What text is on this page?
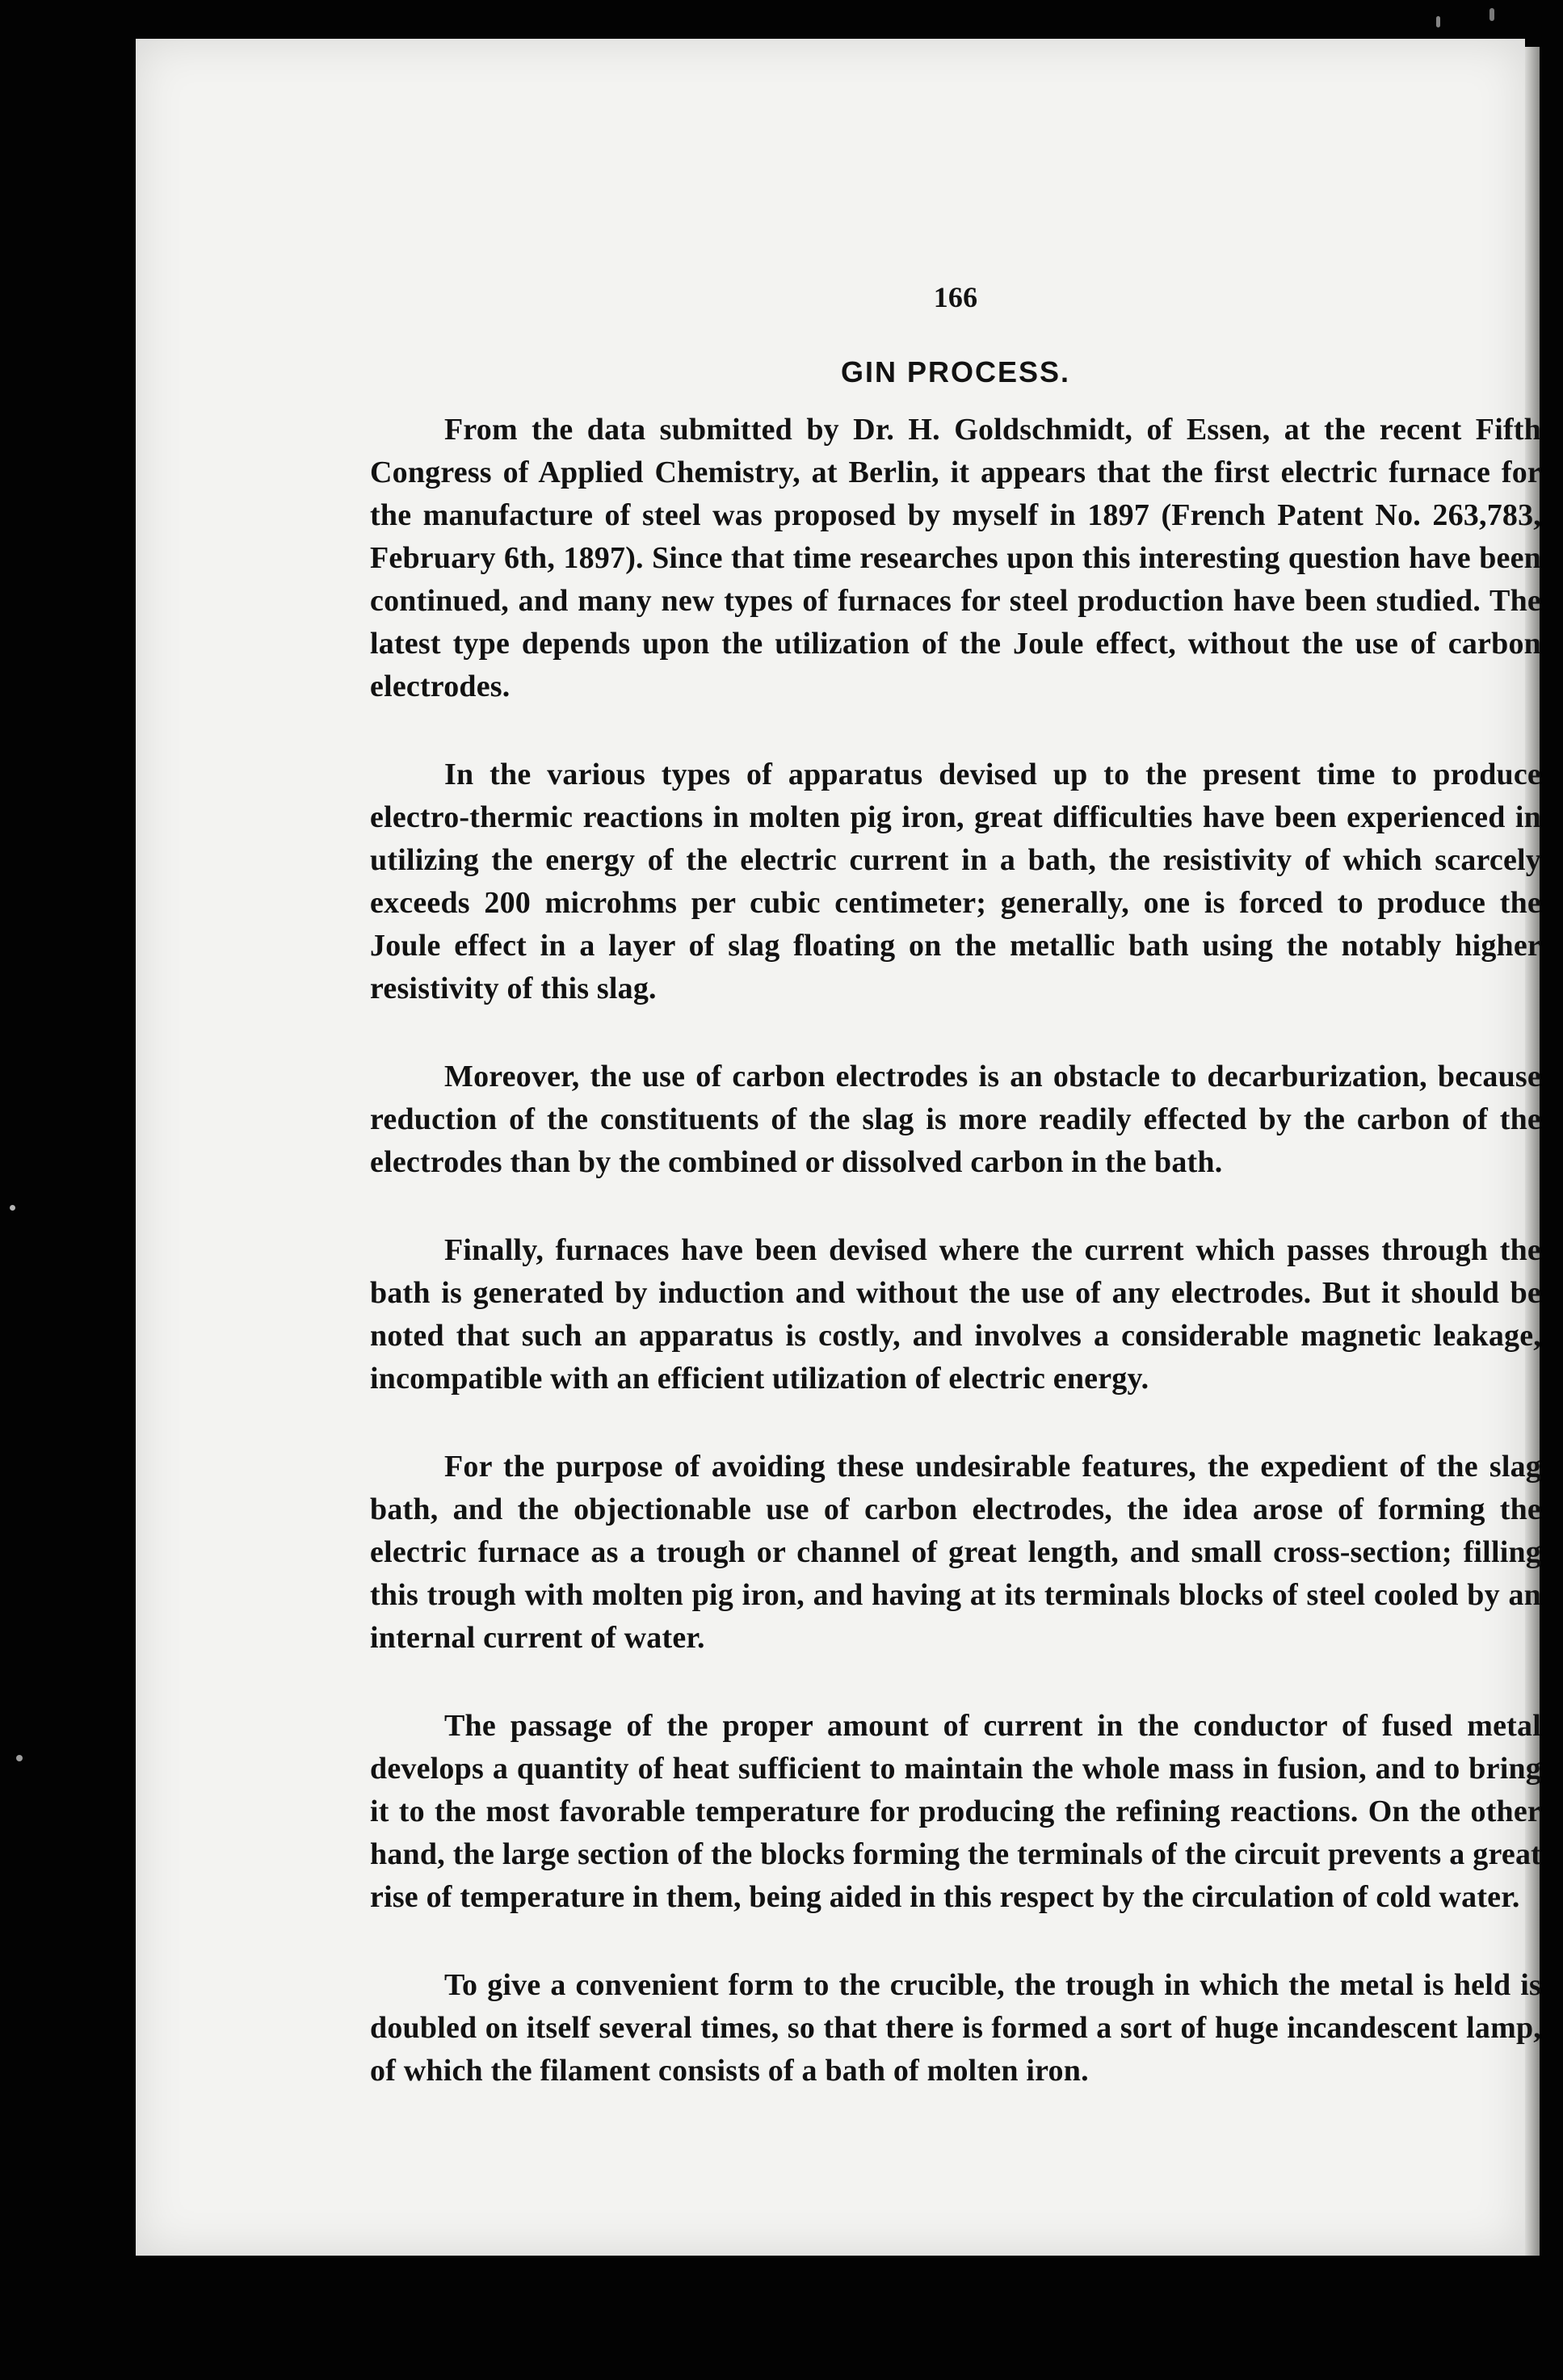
166
GIN PROCESS.

From the data submitted by Dr. H. Goldschmidt, of Essen, at the recent Fifth Congress of Applied Chemistry, at Berlin, it appears that the first electric furnace for the manufacture of steel was proposed by myself in 1897 (French Patent No. 263,783, February 6th, 1897). Since that time researches upon this interesting question have been continued, and many new types of furnaces for steel production have been studied. The latest type depends upon the utilization of the Joule effect, without the use of carbon electrodes.

In the various types of apparatus devised up to the present time to produce electro-thermic reactions in molten pig iron, great difficulties have been experienced in utilizing the energy of the electric current in a bath, the resistivity of which scarcely exceeds 200 microhms per cubic centimeter; generally, one is forced to produce the Joule effect in a layer of slag floating on the metallic bath using the notably higher resistivity of this slag.

Moreover, the use of carbon electrodes is an obstacle to decarburization, because reduction of the constituents of the slag is more readily effected by the carbon of the electrodes than by the combined or dissolved carbon in the bath.

Finally, furnaces have been devised where the current which passes through the bath is generated by induction and without the use of any electrodes. But it should be noted that such an apparatus is costly, and involves a considerable magnetic leakage, incompatible with an efficient utilization of electric energy.

For the purpose of avoiding these undesirable features, the expedient of the slag bath, and the objectionable use of carbon electrodes, the idea arose of forming the electric furnace as a trough or channel of great length, and small cross-section; filling this trough with molten pig iron, and having at its terminals blocks of steel cooled by an internal current of water.

The passage of the proper amount of current in the conductor of fused metal develops a quantity of heat sufficient to maintain the whole mass in fusion, and to bring it to the most favorable temperature for producing the refining reactions. On the other hand, the large section of the blocks forming the terminals of the circuit prevents a great rise of temperature in them, being aided in this respect by the circulation of cold water.

To give a convenient form to the crucible, the trough in which the metal is held is doubled on itself several times, so that there is formed a sort of huge incandescent lamp, of which the filament consists of a bath of molten iron.
